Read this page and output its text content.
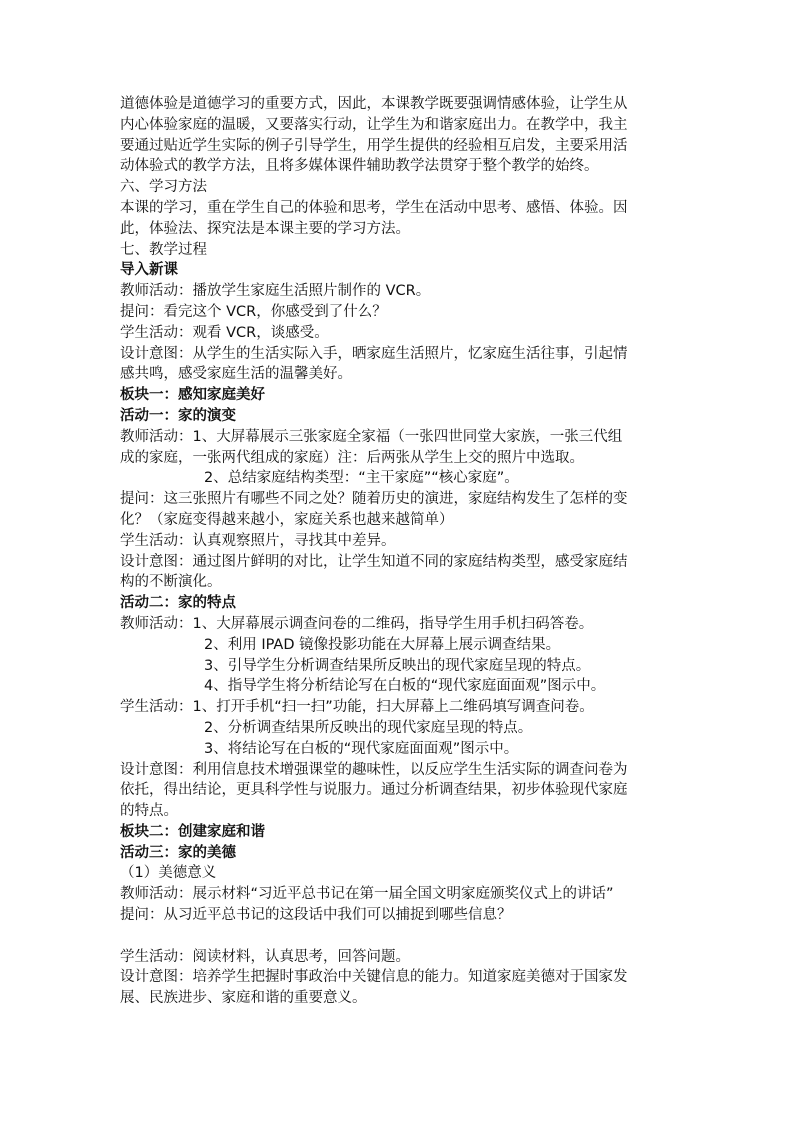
道德体验是道德学习的重要方式，因此，本课教学既要强调情感体验，让学生从
内心体验家庭的温暖，又要落实行动，让学生为和谐家庭出力。在教学中，我主
要通过贴近学生实际的例子引导学生，用学生提供的经验相互启发，主要采用活
动体验式的教学方法，且将多媒体课件辅助教学法贯穿于整个教学的始终。
六、学习方法
本课的学习，重在学生自己的体验和思考，学生在活动中思考、感悟、体验。因
此，体验法、探究法是本课主要的学习方法。
七、教学过程
导入新课
教师活动：播放学生家庭生活照片制作的 VCR。
提问：看完这个 VCR，你感受到了什么？
学生活动：观看 VCR，谈感受。
设计意图：从学生的生活实际入手，晒家庭生活照片，忆家庭生活往事，引起情
感共鸣，感受家庭生活的温馨美好。
板块一：感知家庭美好
活动一：家的演变
教师活动：1、大屏幕展示三张家庭全家福（一张四世同堂大家族，一张三代组
成的家庭，一张两代组成的家庭）注：后两张从学生上交的照片中选取。
2、总结家庭结构类型：“主干家庭”“核心家庭”。
提问：这三张照片有哪些不同之处？随着历史的演进，家庭结构发生了怎样的变
化？（家庭变得越来越小，家庭关系也越来越简单）
学生活动：认真观察照片，寻找其中差异。
设计意图：通过图片鲜明的对比，让学生知道不同的家庭结构类型，感受家庭结
构的不断演化。
活动二：家的特点
教师活动：1、大屏幕展示调查问卷的二维码，指导学生用手机扫码答卷。
2、利用 IPAD 镜像投影功能在大屏幕上展示调查结果。
3、引导学生分析调查结果所反映出的现代家庭呈现的特点。
4、指导学生将分析结论写在白板的“现代家庭面面观”图示中。
学生活动：1、打开手机“扫一扫”功能，扫大屏幕上二维码填写调查问卷。
2、分析调查结果所反映出的现代家庭呈现的特点。
3、将结论写在白板的“现代家庭面面观”图示中。
设计意图：利用信息技术增强课堂的趣味性，以反应学生生活实际的调查问卷为
依托，得出结论，更具科学性与说服力。通过分析调查结果，初步体验现代家庭
的特点。
板块二：创建家庭和谐
活动三：家的美德
（1）美德意义
教师活动：展示材料“习近平总书记在第一届全国文明家庭颁奖仪式上的讲话”
提问：从习近平总书记的这段话中我们可以捕捉到哪些信息？
学生活动：阅读材料，认真思考，回答问题。
设计意图：培养学生把握时事政治中关键信息的能力。知道家庭美德对于国家发
展、民族进步、家庭和谐的重要意义。
